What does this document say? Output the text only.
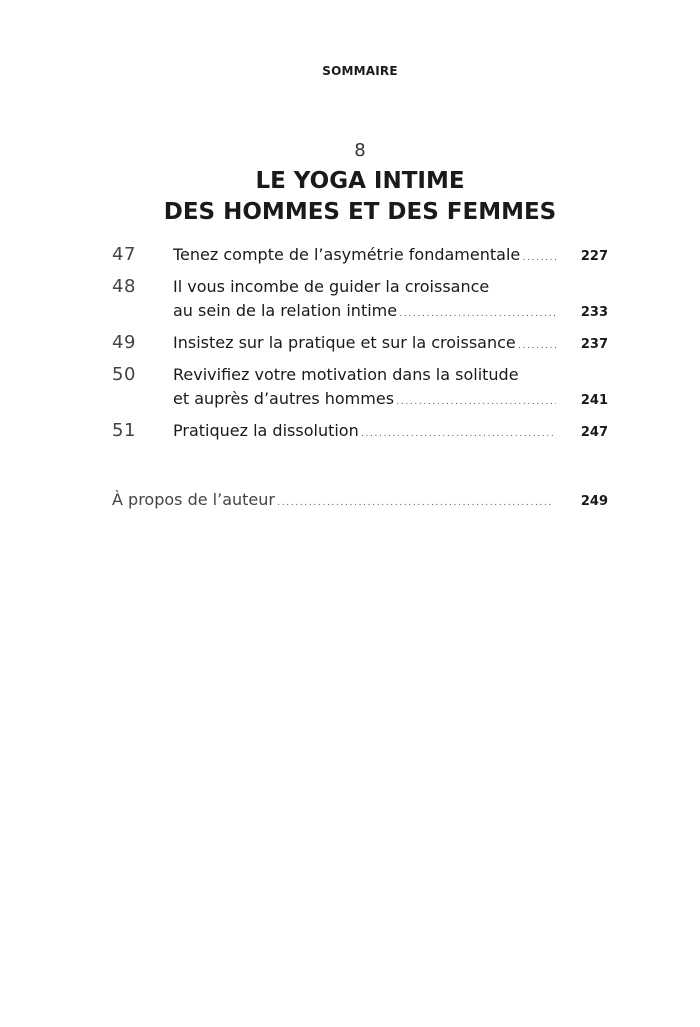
SOMMAIRE
8
LE YOGA INTIME
DES HOMMES ET DES FEMMES
47 Tenez compte de l’asymétrie fondamentale . . .	227
48 Il vous incombe de guider la croissance
au sein de la relation intime . . .	233
49 Insistez sur la pratique et sur la croissance . . .	237
50 Revivifiez votre motivation dans la solitude
et auprès d’autres hommes . . .	241
51 Pratiquez la dissolution . . .	247
À propos de l’auteur . . .	249
